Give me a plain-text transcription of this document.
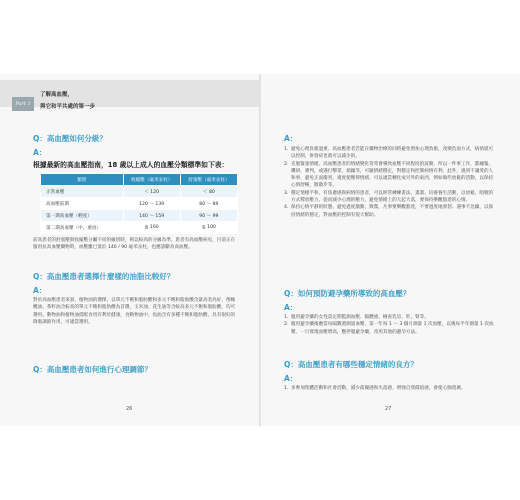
Part 1
了解高血壓，
與它和平共處的第一步
Q：高血壓如何分級？
A：
根據最新的高血壓指南，18 歲以上成人的血壓分類標準如下表：
類別	收縮壓（毫米汞柱）	舒張壓（毫米汞柱）
正常血壓	＜ 120	＜ 80
高血壓前期	120 ～ 139	80 ～ 89
第一期高血壓（輕度）	140 ～ 159	90 ～ 99
第二期高血壓（中、重度）	≧ 160	≧ 100

前高患者的舒張壓與收縮壓分屬不同的級別時，則以較高的分級為準，患者有高血壓病史，目前正在服用抗高血壓藥物時，血壓雖已低於 140 / 90 毫米汞柱，也應診斷為高血壓。

Q：高血壓患者選擇什麼樣的油脂比較好？
A：

對於高血壓患者來說，植物油的選擇，以單元不飽和脂肪酸和多元不飽和脂肪酸含量高者為好，像橄欖油、茶籽油含較高的單元不飽和脂肪酸為首選，玉米油、花生油等含較高多元不飽和脂肪酸，均可選用。動物油和植物油搭配食用有利於健康，食動物油中，魚油含有多種不飽和脂肪酸，具有很好的降脂調節作用，可適當選用。

Q：高血壓患者如何進行心理調節？
26
A：
1. 避免心理負擔過重。高血壓患者若能在藥物治療的同時避免增加心理負擔，改變負面方式，病情就可以控制，併發症也就可以減少的。
2. 克服緊張情緒。高血壓患者的情緒變化常常會導致血壓不同程度的波動，所以一件事工作，都繃緊、鑽研、審判，或遇打擊掌，煩躁等，可隨情緒穩定，對穩定和控制病情有利，此外，遇到不讓愛的人和事，避免正面衝突，適度使壓抑情緒，可以適當轉化成另外的東西，例如做些放鬆的活動，以保持心情舒暢，散散步等。
3. 穩定情緒平和。有焦慮感與病情的患者，可以經常練練書法、畫畫、培養養生活動，以放鬆、唱歌的方式釋放壓力，從而減少心理的壓力，避免情緒上的大起大落，要保持樂觀豁達的心情。
4. 保持心情平靜的狀態。避免過度激動、興奮，凡事要樂觀豁達，不要過度地發怒；遇事不急躁，以保持情緒的穩定，對血壓的控制有很大幫助。
Q：如何預防避孕藥所導致的高血壓？
A：
1. 服用避孕藥的女性需定期監測血壓、腦體重、檢查乳房、肝、腎等。
2. 服用避孕藥後應當每隔數週測量血壓，第一年每 1 ～ 3 個月測量 1 次血壓，以後每半年測量 1 次血壓。一旦發現血壓增高，應停服避孕藥，改用其他的避孕方法。
Q：高血壓患者有哪些穩定情緒的良方？
A：
1. 多參加集體活動和社會活動，減少孤獨感和失落感，增強自我價值感，會使心胸寬廣。
27
